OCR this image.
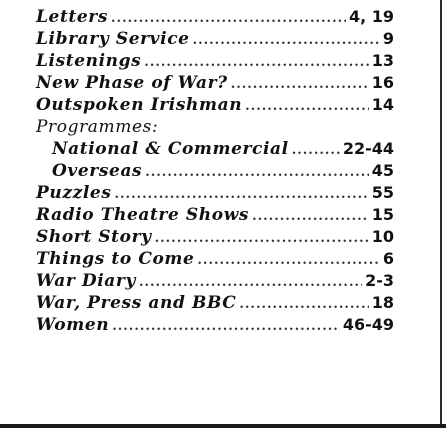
Letters .....	4, 19
Library Service .....	9
Listenings .....	13
New Phase of War? .....	16
Outspoken Irishman .....	14
Programmes:
National & Commercial .....	22-44
Overseas .....	45
Puzzles .....	55
Radio Theatre Shows .....	15
Short Story .....	10
Things to Come .....	6
War Diary .....	2-3
War, Press and BBC .....	18
Women .....	46-49
